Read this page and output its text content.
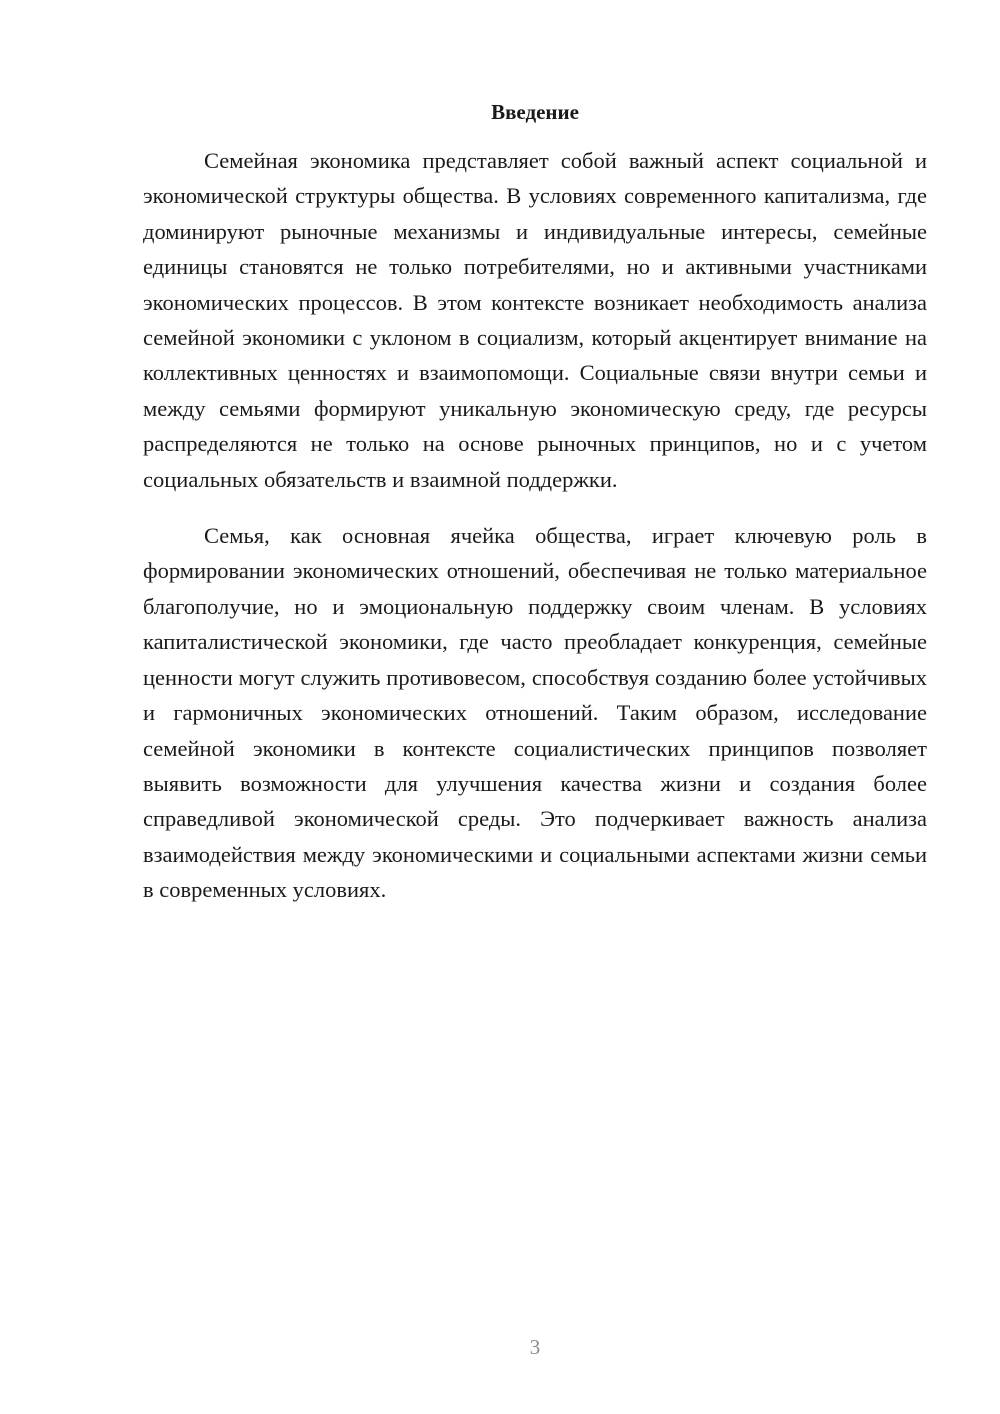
Введение

Семейная экономика представляет собой важный аспект социальной и экономической структуры общества. В условиях современного капитализма, где доминируют рыночные механизмы и индивидуальные интересы, семейные единицы становятся не только потребителями, но и активными участниками экономических процессов. В этом контексте возникает необходимость анализа семейной экономики с уклоном в социализм, который акцентирует внимание на коллективных ценностях и взаимопомощи. Социальные связи внутри семьи и между семьями формируют уникальную экономическую среду, где ресурсы распределяются не только на основе рыночных принципов, но и с учетом социальных обязательств и взаимной поддержки.

Семья, как основная ячейка общества, играет ключевую роль в формировании экономических отношений, обеспечивая не только материальное благополучие, но и эмоциональную поддержку своим членам. В условиях капиталистической экономики, где часто преобладает конкуренция, семейные ценности могут служить противовесом, способствуя созданию более устойчивых и гармоничных экономических отношений. Таким образом, исследование семейной экономики в контексте социалистических принципов позволяет выявить возможности для улучшения качества жизни и создания более справедливой экономической среды. Это подчеркивает важность анализа взаимодействия между экономическими и социальными аспектами жизни семьи в современных условиях.

3
